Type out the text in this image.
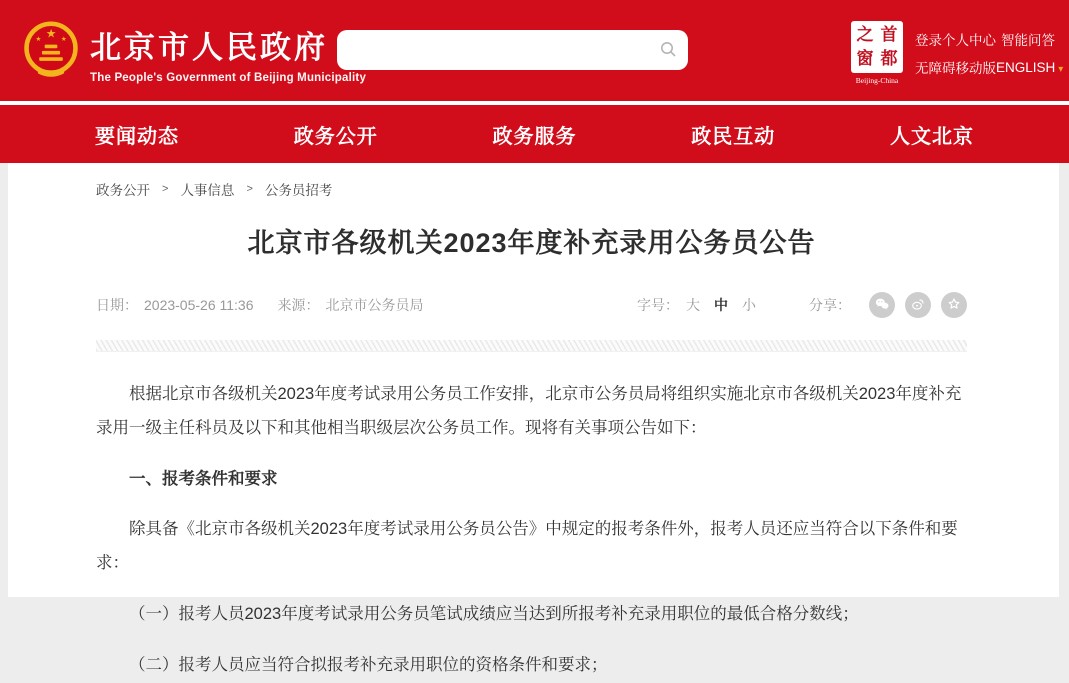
★
★	★ 北京市人民政府
The People's Government of Beijing Municipality
之 首
窗 都
Beijing-China
登录个人中心 智能问答
无障碍 移动版 ENGLISH ▾
要闻动态	政务公开	政务服务	政民互动	人文北京
政务公开 > 人事信息 > 公务员招考
北京市各级机关2023年度补充录用公务员公告
日期： 2023-05-26 11:36 来源： 北京市公务员局	字号： 大 中 小	分享：

根据北京市各级机关2023年度考试录用公务员工作安排，北京市公务员局将组织实施北京市各级机关2023年度补充录用一级主任科员及以下和其他相当职级层次公务员工作。现将有关事项公告如下：

一、报考条件和要求

除具备《北京市各级机关2023年度考试录用公务员公告》中规定的报考条件外，报考人员还应当符合以下条件和要求：

（一）报考人员2023年度考试录用公务员笔试成绩应当达到所报考补充录用职位的最低合格分数线；

（二）报考人员应当符合拟报考补充录用职位的资格条件和要求；
